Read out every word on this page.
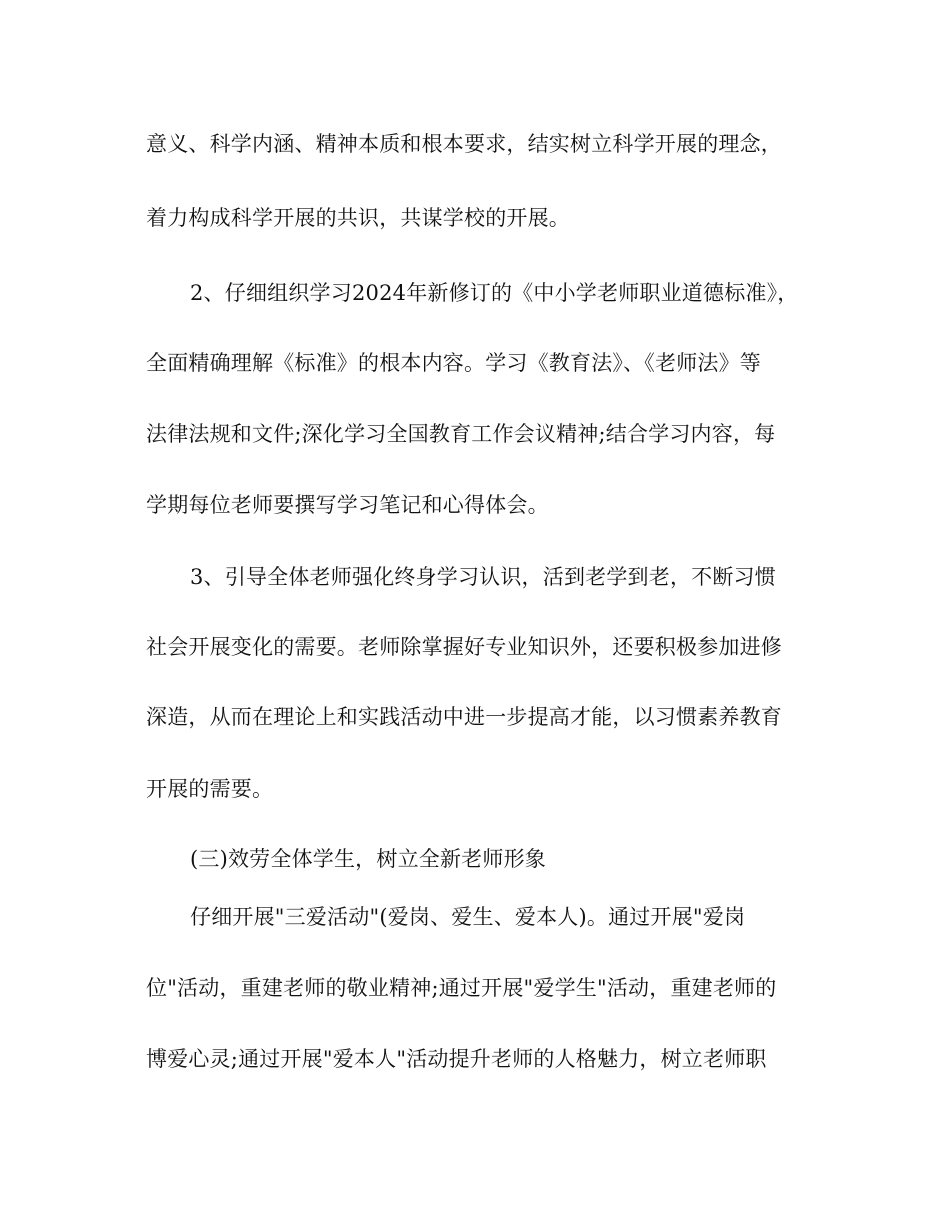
意义、科学内涵、精神本质和根本要求，结实树立科学开展的理念，
着力构成科学开展的共识，共谋学校的开展。
2、仔细组织学习2024年新修订的《中小学老师职业道德标准》，
全面精确理解《标准》的根本内容。学习《教育法》、《老师法》等
法律法规和文件;深化学习全国教育工作会议精神;结合学习内容，每
学期每位老师要撰写学习笔记和心得体会。
3、引导全体老师强化终身学习认识，活到老学到老，不断习惯
社会开展变化的需要。老师除掌握好专业知识外，还要积极参加进修
深造，从而在理论上和实践活动中进一步提高才能，以习惯素养教育
开展的需要。
(三)效劳全体学生，树立全新老师形象
仔细开展"三爱活动"(爱岗、爱生、爱本人)。通过开展"爱岗
位"活动，重建老师的敬业精神;通过开展"爱学生"活动，重建老师的
博爱心灵;通过开展"爱本人"活动提升老师的人格魅力，树立老师职
